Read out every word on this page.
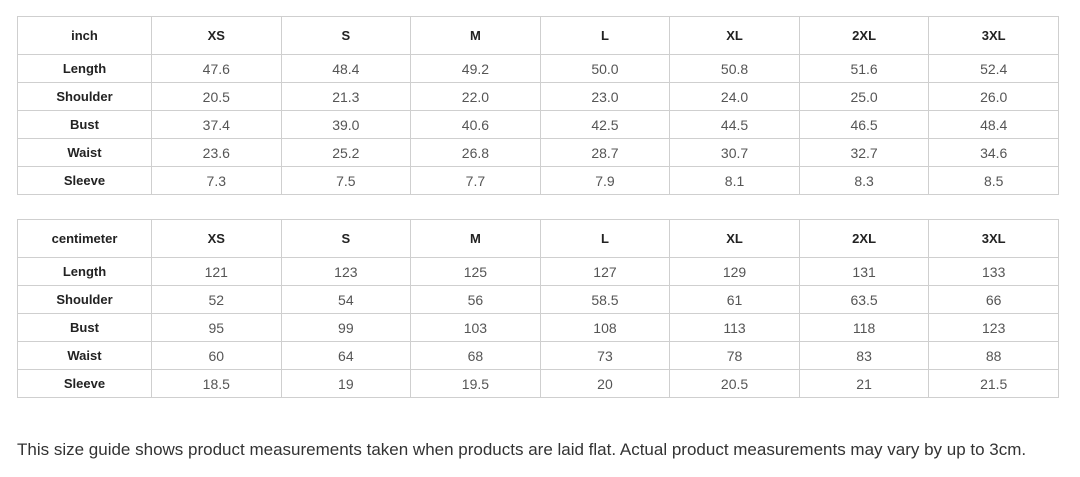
inch	XS	S	M	L	XL	2XL	3XL
Length	47.6	48.4	49.2	50.0	50.8	51.6	52.4
Shoulder	20.5	21.3	22.0	23.0	24.0	25.0	26.0
Bust	37.4	39.0	40.6	42.5	44.5	46.5	48.4
Waist	23.6	25.2	26.8	28.7	30.7	32.7	34.6
Sleeve	7.3	7.5	7.7	7.9	8.1	8.3	8.5
centimeter	XS	S	M	L	XL	2XL	3XL
Length	121	123	125	127	129	131	133
Shoulder	52	54	56	58.5	61	63.5	66
Bust	95	99	103	108	113	118	123
Waist	60	64	68	73	78	83	88
Sleeve	18.5	19	19.5	20	20.5	21	21.5
This size guide shows product measurements taken when products are laid flat. Actual product measurements may vary by up to 3cm.
